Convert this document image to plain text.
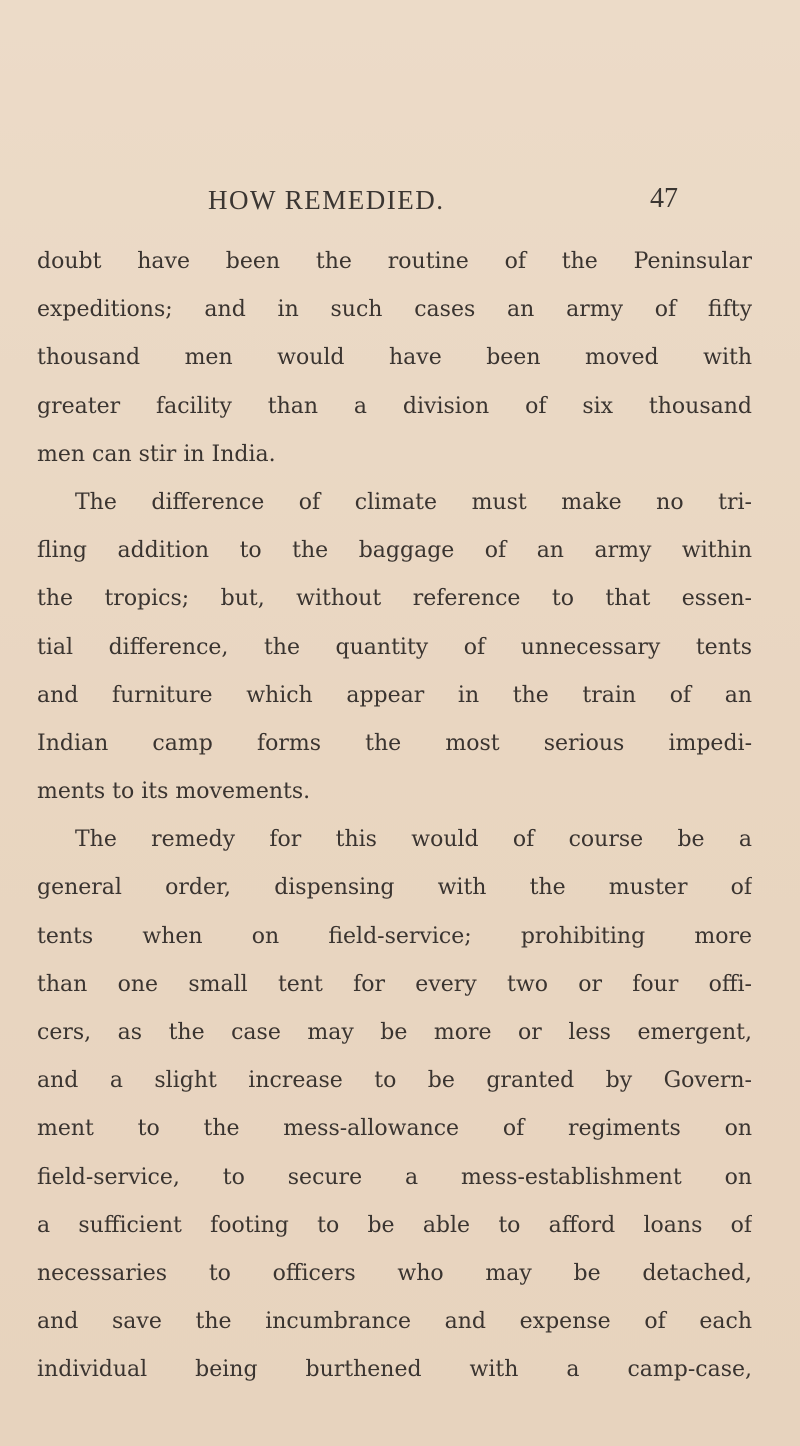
HOW REMEDIED.	47
doubt have been the routine of the Peninsular
expeditions; and in such cases an army of fifty
thousand men would have been moved with
greater facility than a division of six thousand
men can stir in India.
The difference of climate must make no tri-
fling addition to the baggage of an army within
the tropics; but, without reference to that essen-
tial difference, the quantity of unnecessary tents
and furniture which appear in the train of an
Indian camp forms the most serious impedi-
ments to its movements.
The remedy for this would of course be a
general order, dispensing with the muster of
tents when on field-service; prohibiting more
than one small tent for every two or four offi-
cers, as the case may be more or less emergent,
and a slight increase to be granted by Govern-
ment to the mess-allowance of regiments on
field-service, to secure a mess-establishment on
a sufficient footing to be able to afford loans of
necessaries to officers who may be detached,
and save the incumbrance and expense of each
individual being burthened with a camp-case,
